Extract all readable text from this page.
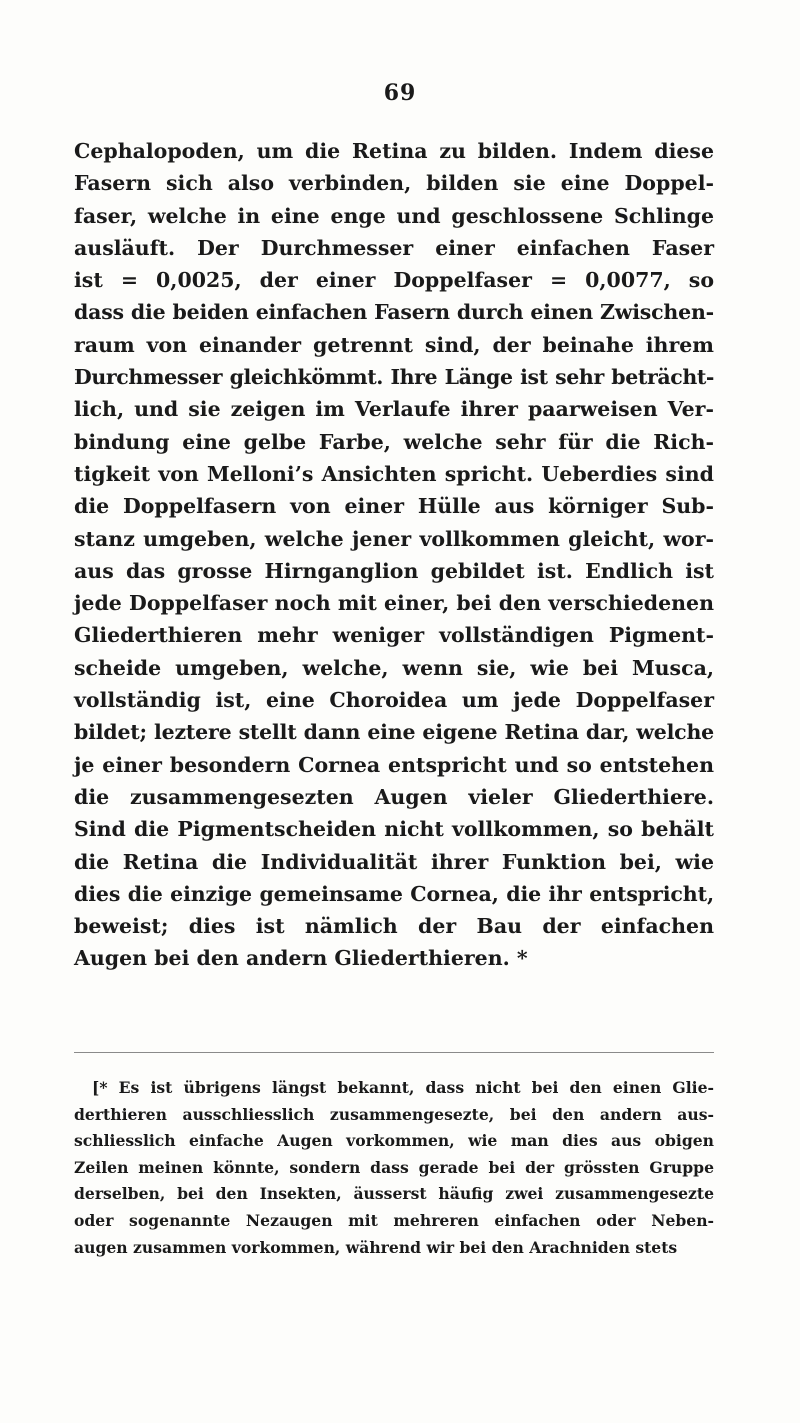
69
Cephalopoden, um die Retina zu bilden. Indem diese
Fasern sich also verbinden, bilden sie eine Doppel-
faser, welche in eine enge und geschlossene Schlinge
ausläuft. Der Durchmesser einer einfachen Faser
ist = 0,0025, der einer Doppelfaser = 0,0077, so
dass die beiden einfachen Fasern durch einen Zwischen-
raum von einander getrennt sind, der beinahe ihrem
Durchmesser gleichkömmt. Ihre Länge ist sehr beträcht-
lich, und sie zeigen im Verlaufe ihrer paarweisen Ver-
bindung eine gelbe Farbe, welche sehr für die Rich-
tigkeit von Melloni’s Ansichten spricht. Ueberdies sind
die Doppelfasern von einer Hülle aus körniger Sub-
stanz umgeben, welche jener vollkommen gleicht, wor-
aus das grosse Hirnganglion gebildet ist. Endlich ist
jede Doppelfaser noch mit einer, bei den verschiedenen
Gliederthieren mehr weniger vollständigen Pigment-
scheide umgeben, welche, wenn sie, wie bei Musca,
vollständig ist, eine Choroidea um jede Doppelfaser
bildet; leztere stellt dann eine eigene Retina dar, welche
je einer besondern Cornea entspricht und so entstehen
die zusammengesezten Augen vieler Gliederthiere.
Sind die Pigmentscheiden nicht vollkommen, so behält
die Retina die Individualität ihrer Funktion bei, wie
dies die einzige gemeinsame Cornea, die ihr entspricht,
beweist; dies ist nämlich der Bau der einfachen
Augen bei den andern Gliederthieren. *
[* Es ist übrigens längst bekannt, dass nicht bei den einen Glie-
derthieren ausschliesslich zusammengesezte, bei den andern aus-
schliesslich einfache Augen vorkommen, wie man dies aus obigen
Zeilen meinen könnte, sondern dass gerade bei der grössten Gruppe
derselben, bei den Insekten, äusserst häufig zwei zusammengesezte
oder sogenannte Nezaugen mit mehreren einfachen oder Neben-
augen zusammen vorkommen, während wir bei den Arachniden stets
